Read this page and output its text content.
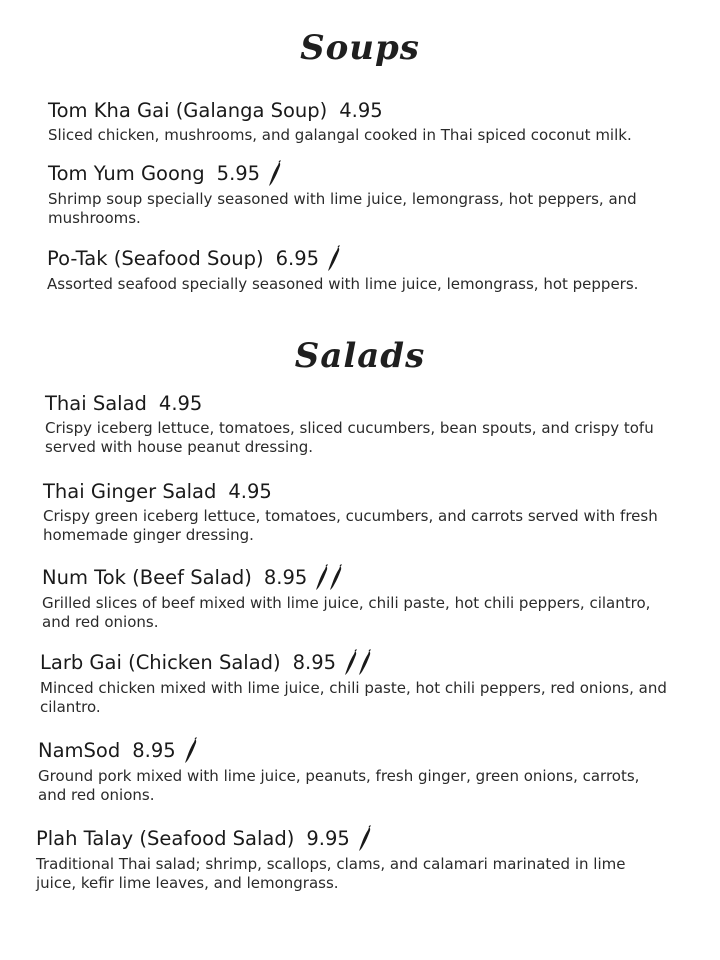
Soups
Tom Kha Gai (Galanga Soup) 4.95
Sliced chicken, mushrooms, and galangal cooked in Thai spiced coconut milk.
Tom Yum Goong 5.95
Shrimp soup specially seasoned with lime juice, lemongrass, hot peppers, and mushrooms.
Po-Tak (Seafood Soup) 6.95
Assorted seafood specially seasoned with lime juice, lemongrass, hot peppers.
Salads
Thai Salad 4.95
Crispy iceberg lettuce, tomatoes, sliced cucumbers, bean spouts, and crispy tofu served with house peanut dressing.
Thai Ginger Salad 4.95
Crispy green iceberg lettuce, tomatoes, cucumbers, and carrots served with fresh homemade ginger dressing.
Num Tok (Beef Salad) 8.95
Grilled slices of beef mixed with lime juice, chili paste, hot chili peppers, cilantro, and red onions.
Larb Gai (Chicken Salad) 8.95
Minced chicken mixed with lime juice, chili paste, hot chili peppers, red onions, and cilantro.
NamSod 8.95
Ground pork mixed with lime juice, peanuts, fresh ginger, green onions, carrots, and red onions.
Plah Talay (Seafood Salad) 9.95
Traditional Thai salad; shrimp, scallops, clams, and calamari marinated in lime juice, kefir lime leaves, and lemongrass.
